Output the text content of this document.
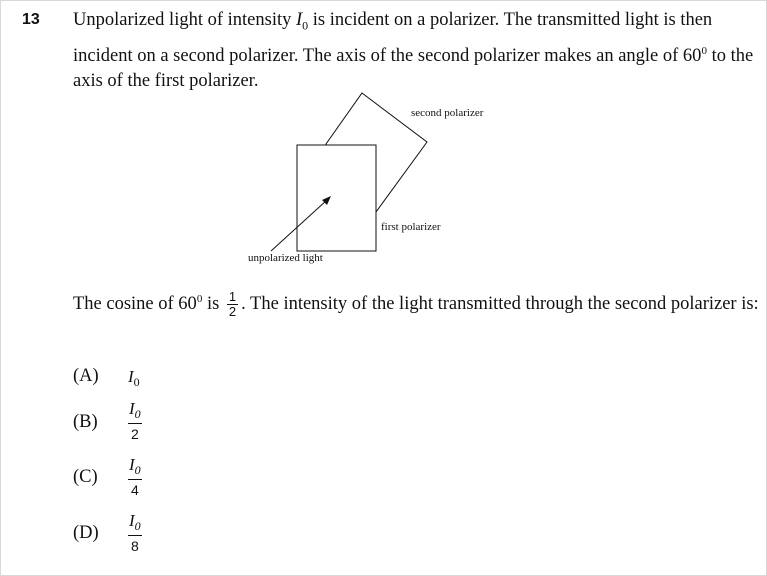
13 Unpolarized light of intensity $I_0$ is incident on a polarizer. The transmitted light is then incident on a second polarizer. The axis of the second polarizer makes an angle of $60^0$ to the axis of the first polarizer.
second polarizer
first polarizer
unpolarized light
The cosine of $60^0$ is $\frac{1}{2}$ . The intensity of the light transmitted through the second polarizer is:
(A) $I_0$
$(B) \frac{I_0}{2}$
$(C) \frac{I_0}{4}$
$(D) \frac{I_0}{8}$
